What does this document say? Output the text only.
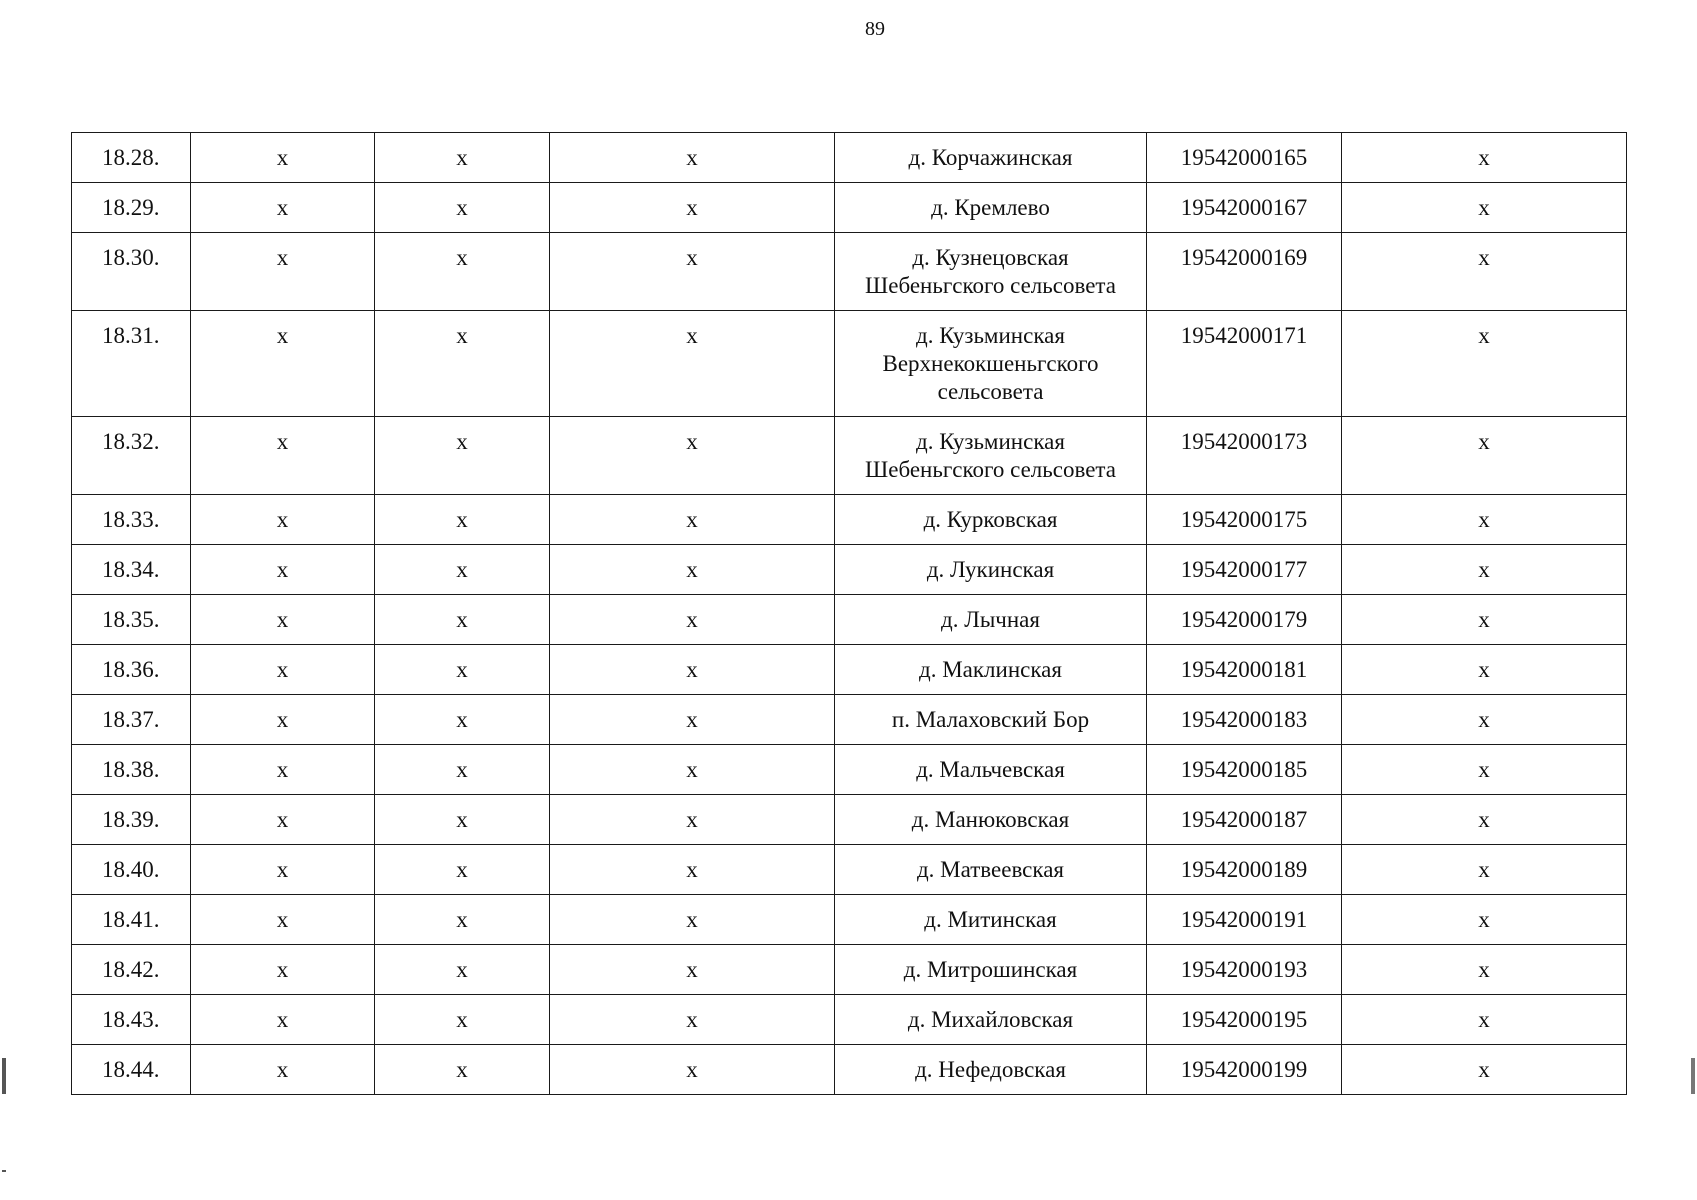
89
18.28.	х	х	х	д. Корчажинская	19542000165	х
18.29.	х	х	х	д. Кремлево	19542000167	х
18.30.	х	х	х	д. Кузнецовская
Шебеньгского сельсовета	19542000169	х
18.31.	х	х	х	д. Кузьминская
Верхнекокшеньгского
сельсовета	19542000171	х
18.32.	х	х	х	д. Кузьминская
Шебеньгского сельсовета	19542000173	х
18.33.	х	х	х	д. Курковская	19542000175	х
18.34.	х	х	х	д. Лукинская	19542000177	х
18.35.	х	х	х	д. Лычная	19542000179	х
18.36.	х	х	х	д. Маклинская	19542000181	х
18.37.	х	х	х	п. Малаховский Бор	19542000183	х
18.38.	х	х	х	д. Мальчевская	19542000185	х
18.39.	х	х	х	д. Манюковская	19542000187	х
18.40.	х	х	х	д. Матвеевская	19542000189	х
18.41.	х	х	х	д. Митинская	19542000191	х
18.42.	х	х	х	д. Митрошинская	19542000193	х
18.43.	х	х	х	д. Михайловская	19542000195	х
18.44.	х	х	х	д. Нефедовская	19542000199	х
